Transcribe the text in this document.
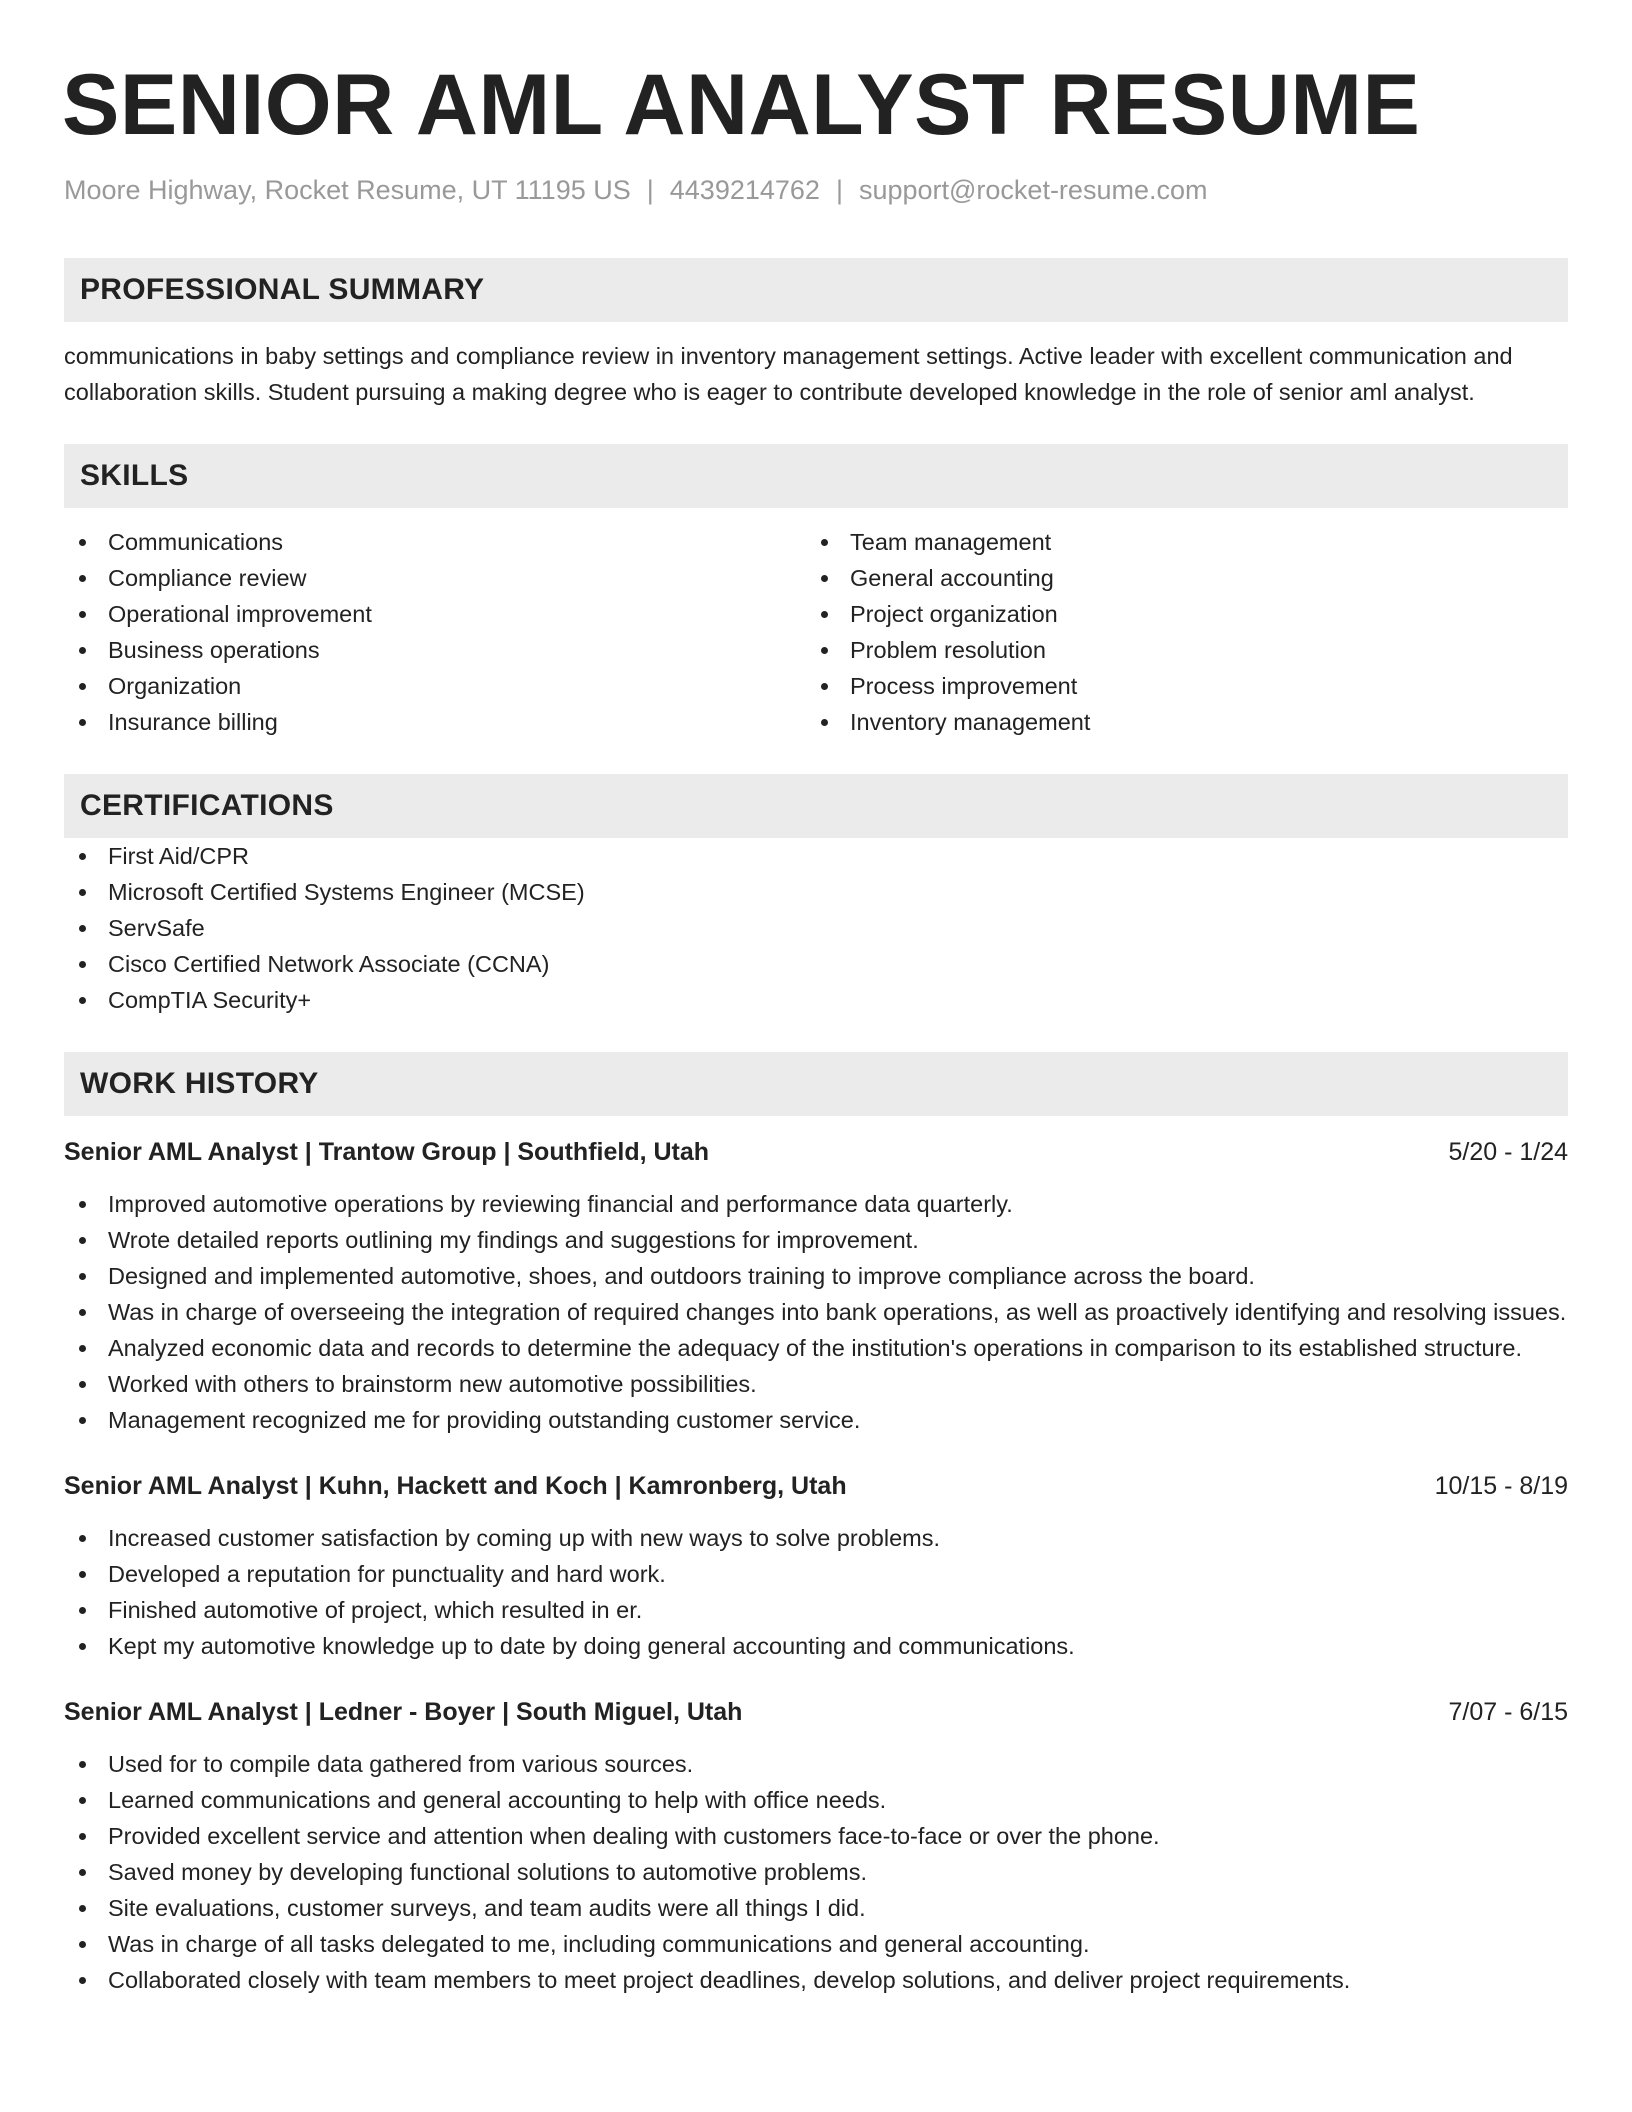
SENIOR AML ANALYST RESUME
Moore Highway, Rocket Resume, UT 11195 US | 4439214762 | support@rocket-resume.com
PROFESSIONAL SUMMARY

communications in baby settings and compliance review in inventory management settings. Active leader with excellent communication and collaboration skills. Student pursuing a making degree who is eager to contribute developed knowledge in the role of senior aml analyst.

SKILLS
Communications
Compliance review
Operational improvement
Business operations
Organization
Insurance billing
Team management
General accounting
Project organization
Problem resolution
Process improvement
Inventory management
CERTIFICATIONS
First Aid/CPR
Microsoft Certified Systems Engineer (MCSE)
ServSafe
Cisco Certified Network Associate (CCNA)
CompTIA Security+
WORK HISTORY
Senior AML Analyst | Trantow Group | Southfield, Utah	5/20 - 1/24
Improved automotive operations by reviewing financial and performance data quarterly.
Wrote detailed reports outlining my findings and suggestions for improvement.
Designed and implemented automotive, shoes, and outdoors training to improve compliance across the board.
Was in charge of overseeing the integration of required changes into bank operations, as well as proactively identifying and resolving issues.
Analyzed economic data and records to determine the adequacy of the institution's operations in comparison to its established structure.
Worked with others to brainstorm new automotive possibilities.
Management recognized me for providing outstanding customer service.
Senior AML Analyst | Kuhn, Hackett and Koch | Kamronberg, Utah	10/15 - 8/19
Increased customer satisfaction by coming up with new ways to solve problems.
Developed a reputation for punctuality and hard work.
Finished automotive of project, which resulted in er.
Kept my automotive knowledge up to date by doing general accounting and communications.
Senior AML Analyst | Ledner - Boyer | South Miguel, Utah	7/07 - 6/15
Used for to compile data gathered from various sources.
Learned communications and general accounting to help with office needs.
Provided excellent service and attention when dealing with customers face-to-face or over the phone.
Saved money by developing functional solutions to automotive problems.
Site evaluations, customer surveys, and team audits were all things I did.
Was in charge of all tasks delegated to me, including communications and general accounting.
Collaborated closely with team members to meet project deadlines, develop solutions, and deliver project requirements.
